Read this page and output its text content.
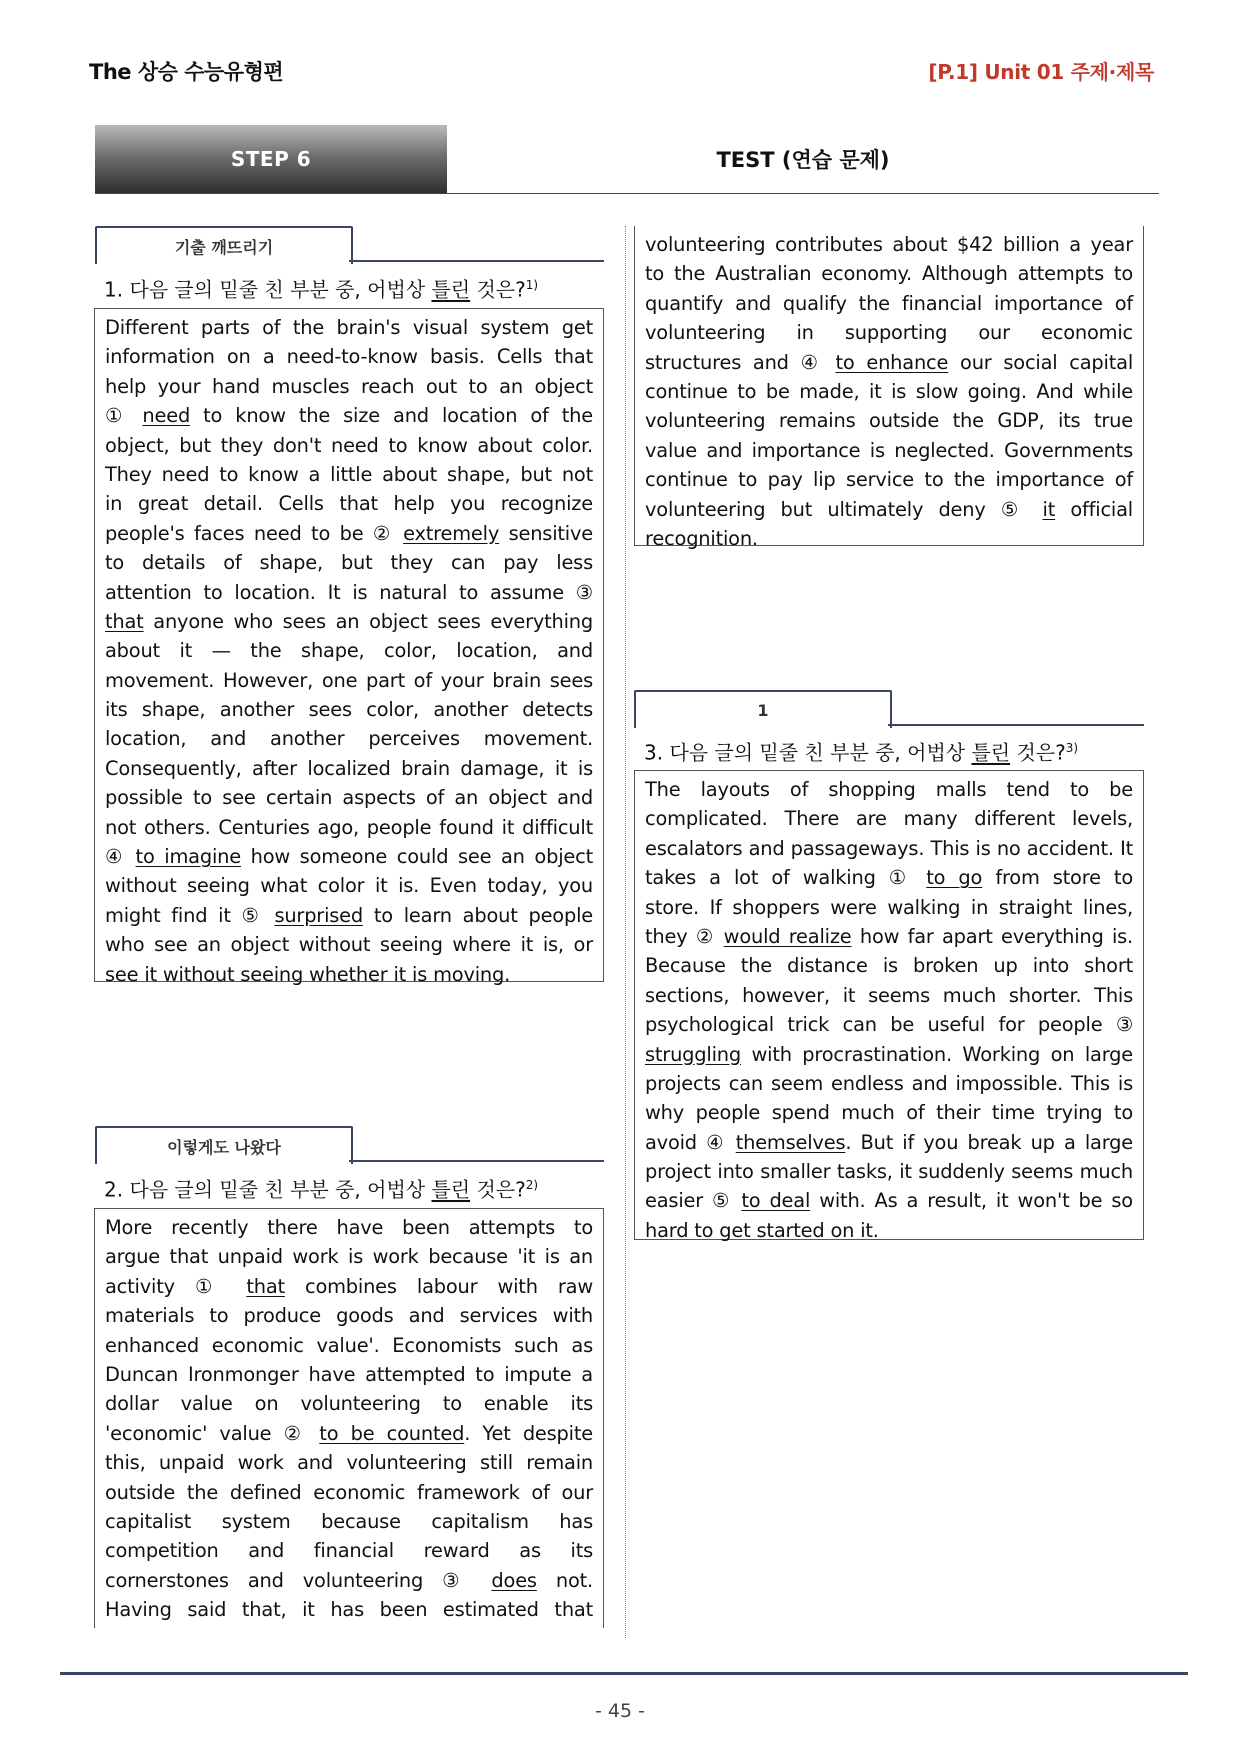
The 상승 수능유형편	[P.1] Unit 01 주제·제목
STEP 6	TEST (연습 문제)
기출 깨뜨리기
1. 다음 글의 밑줄 친 부분 중, 어법상 틀린 것은?$^{1)}$
Different parts of the brain's visual system get
information on a need-to-know basis. Cells that
help your hand muscles reach out to an object
① need to know the size and location of the
object, but they don't need to know about color.
They need to know a little about shape, but not
in great detail. Cells that help you recognize
people's faces need to be ② extremely sensitive
to details of shape, but they can pay less
attention to location. It is natural to assume ③
that anyone who sees an object sees everything
about it — the shape, color, location, and
movement. However, one part of your brain sees
its shape, another sees color, another detects
location, and another perceives movement.
Consequently, after localized brain damage, it is
possible to see certain aspects of an object and
not others. Centuries ago, people found it difficult
④ to imagine how someone could see an object
without seeing what color it is. Even today, you
might find it ⑤ surprised to learn about people
who see an object without seeing where it is, or
see it without seeing whether it is moving.
이렇게도 나왔다
2. 다음 글의 밑줄 친 부분 중, 어법상 틀린 것은?$^{2)}$
More recently there have been attempts to
argue that unpaid work is work because 'it is an
activity ① that combines labour with raw
materials to produce goods and services with
enhanced economic value'. Economists such as
Duncan Ironmonger have attempted to impute a
dollar value on volunteering to enable its
'economic' value ② to be counted. Yet despite
this, unpaid work and volunteering still remain
outside the defined economic framework of our
capitalist system because capitalism has
competition and financial reward as its
cornerstones and volunteering ③ does not.
Having said that, it has been estimated that
volunteering contributes about $42 billion a year
to the Australian economy. Although attempts to
quantify and qualify the financial importance of
volunteering in supporting our economic
structures and ④ to enhance our social capital
continue to be made, it is slow going. And while
volunteering remains outside the GDP, its true
value and importance is neglected. Governments
continue to pay lip service to the importance of
volunteering but ultimately deny ⑤ it official
recognition.
1
3. 다음 글의 밑줄 친 부분 중, 어법상 틀린 것은?$^{3)}$
The layouts of shopping malls tend to be
complicated. There are many different levels,
escalators and passageways. This is no accident. It
takes a lot of walking ① to go from store to
store. If shoppers were walking in straight lines,
they ② would realize how far apart everything is.
Because the distance is broken up into short
sections, however, it seems much shorter. This
psychological trick can be useful for people ③
struggling with procrastination. Working on large
projects can seem endless and impossible. This is
why people spend much of their time trying to
avoid ④ themselves. But if you break up a large
project into smaller tasks, it suddenly seems much
easier ⑤ to deal with. As a result, it won't be so
hard to get started on it.
- 45 -
